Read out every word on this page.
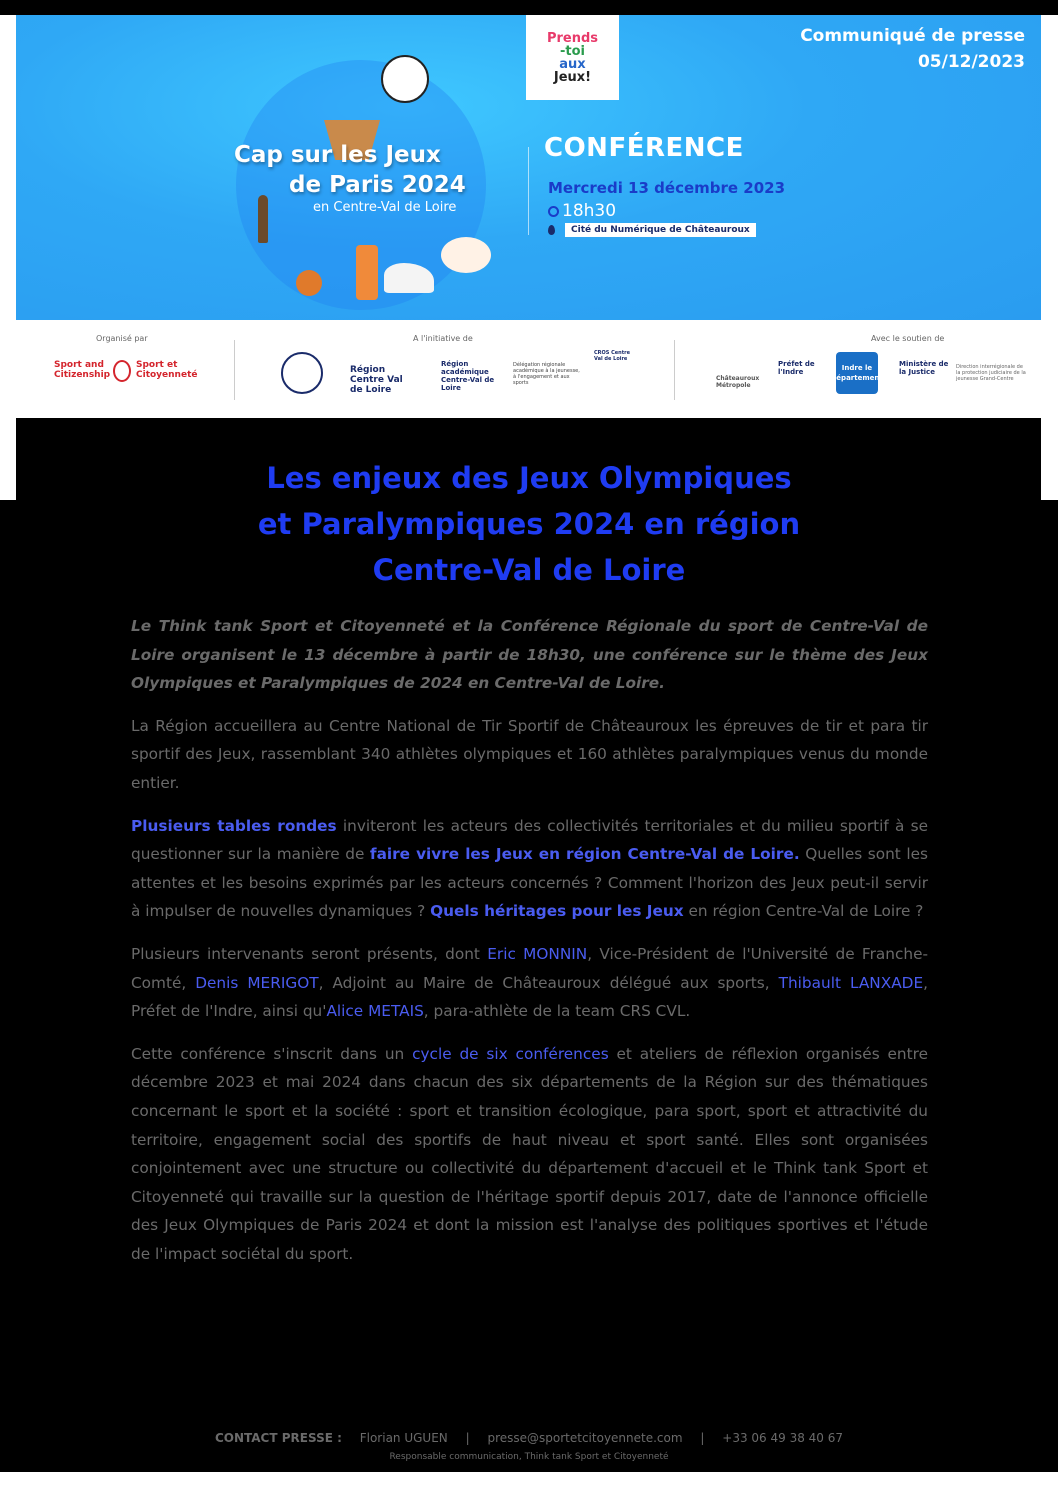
Prends
-toi
aux
Jeux!
Communiqué de presse
05/12/2023
Cap sur les Jeux
de Paris 2024
en Centre-Val de Loire
CONFÉRENCE
Mercredi 13 décembre 2023
18h30
Cité du Numérique de Châteauroux
Organisé par
Sport and Citizenship
Sport et Citoyenneté
A l'initiative de
Région Centre Val de Loire
Région académique Centre-Val de Loire
Délégation régionale académique à la jeunesse, à l'engagement et aux sports
CROS Centre Val de Loire
Avec le soutien de
Châteauroux Métropole
Préfet de l'Indre	Indre le département
Ministère de la Justice
Direction interrégionale de la protection judiciaire de la jeunesse Grand-Centre
Les enjeux des Jeux Olympiques
et Paralympiques 2024 en région
Centre-Val de Loire

Le Think tank Sport et Citoyenneté et la Conférence Régionale du sport de Centre-Val de Loire organisent le 13 décembre à partir de 18h30, une conférence sur le thème des Jeux Olympiques et Paralympiques de 2024 en Centre-Val de Loire.

La Région accueillera au Centre National de Tir Sportif de Châteauroux les épreuves de tir et para tir sportif des Jeux, rassemblant 340 athlètes olympiques et 160 athlètes paralympiques venus du monde entier.

Plusieurs tables rondes inviteront les acteurs des collectivités territoriales et du milieu sportif à se questionner sur la manière de faire vivre les Jeux en région Centre-Val de Loire. Quelles sont les attentes et les besoins exprimés par les acteurs concernés ? Comment l'horizon des Jeux peut-il servir à impulser de nouvelles dynamiques ? Quels héritages pour les Jeux en région Centre-Val de Loire ?

Plusieurs intervenants seront présents, dont Eric MONNIN, Vice-Président de l'Université de Franche-Comté, Denis MERIGOT, Adjoint au Maire de Châteauroux délégué aux sports, Thibault LANXADE, Préfet de l'Indre, ainsi qu'Alice METAIS, para-athlète de la team CRS CVL.

Cette conférence s'inscrit dans un cycle de six conférences et ateliers de réflexion organisés entre décembre 2023 et mai 2024 dans chacun des six départements de la Région sur des thématiques concernant le sport et la société : sport et transition écologique, para sport, sport et attractivité du territoire, engagement social des sportifs de haut niveau et sport santé. Elles sont organisées conjointement avec une structure ou collectivité du département d'accueil et le Think tank Sport et Citoyenneté qui travaille sur la question de l'héritage sportif depuis 2017, date de l'annonce officielle des Jeux Olympiques de Paris 2024 et dont la mission est l'analyse des politiques sportives et l'étude de l'impact sociétal du sport.

CONTACT PRESSE : Florian UGUEN | presse@sportetcitoyennete.com | +33 06 49 38 40 67
Responsable communication, Think tank Sport et Citoyenneté
